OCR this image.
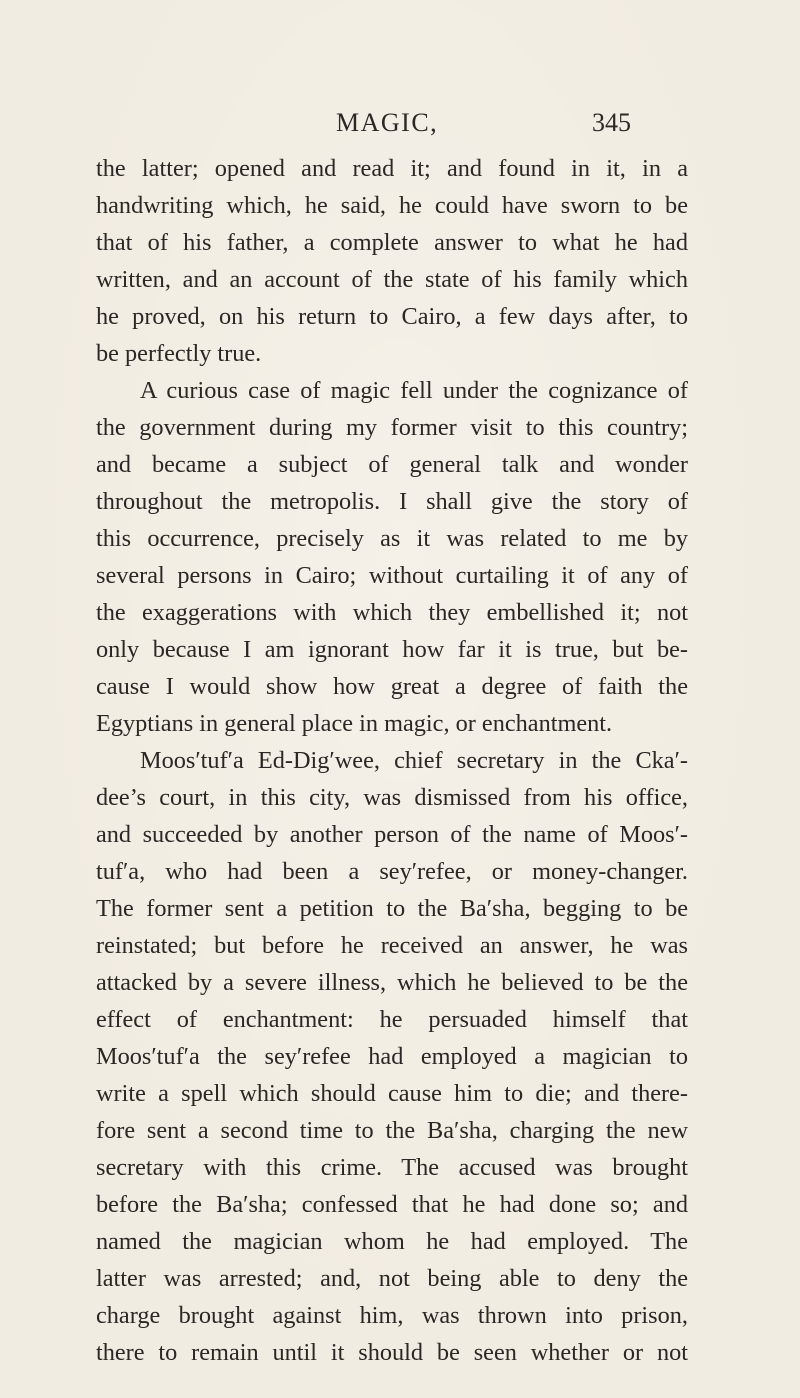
MAGIC,	345
the latter; opened and read it; and found in it, in a
handwriting which, he said, he could have sworn to be
that of his father, a complete answer to what he had
written, and an account of the state of his family which
he proved, on his return to Cairo, a few days after, to
be perfectly true.
A curious case of magic fell under the cognizance of
the government during my former visit to this country;
and became a subject of general talk and wonder
throughout the metropolis. I shall give the story of
this occurrence, precisely as it was related to me by
several persons in Cairo; without curtailing it of any of
the exaggerations with which they embellished it; not
only because I am ignorant how far it is true, but be-
cause I would show how great a degree of faith the
Egyptians in general place in magic, or enchantment.
Moos′tuf′a Ed-Dig′wee, chief secretary in the Cka′-
dee’s court, in this city, was dismissed from his office,
and succeeded by another person of the name of Moos′-
tuf′a, who had been a sey′refee, or money-changer.
The former sent a petition to the Ba′sha, begging to be
reinstated; but before he received an answer, he was
attacked by a severe illness, which he believed to be the
effect of enchantment: he persuaded himself that
Moos′tuf′a the sey′refee had employed a magician to
write a spell which should cause him to die; and there-
fore sent a second time to the Ba′sha, charging the new
secretary with this crime. The accused was brought
before the Ba′sha; confessed that he had done so; and
named the magician whom he had employed. The
latter was arrested; and, not being able to deny the
charge brought against him, was thrown into prison,
there to remain until it should be seen whether or not
